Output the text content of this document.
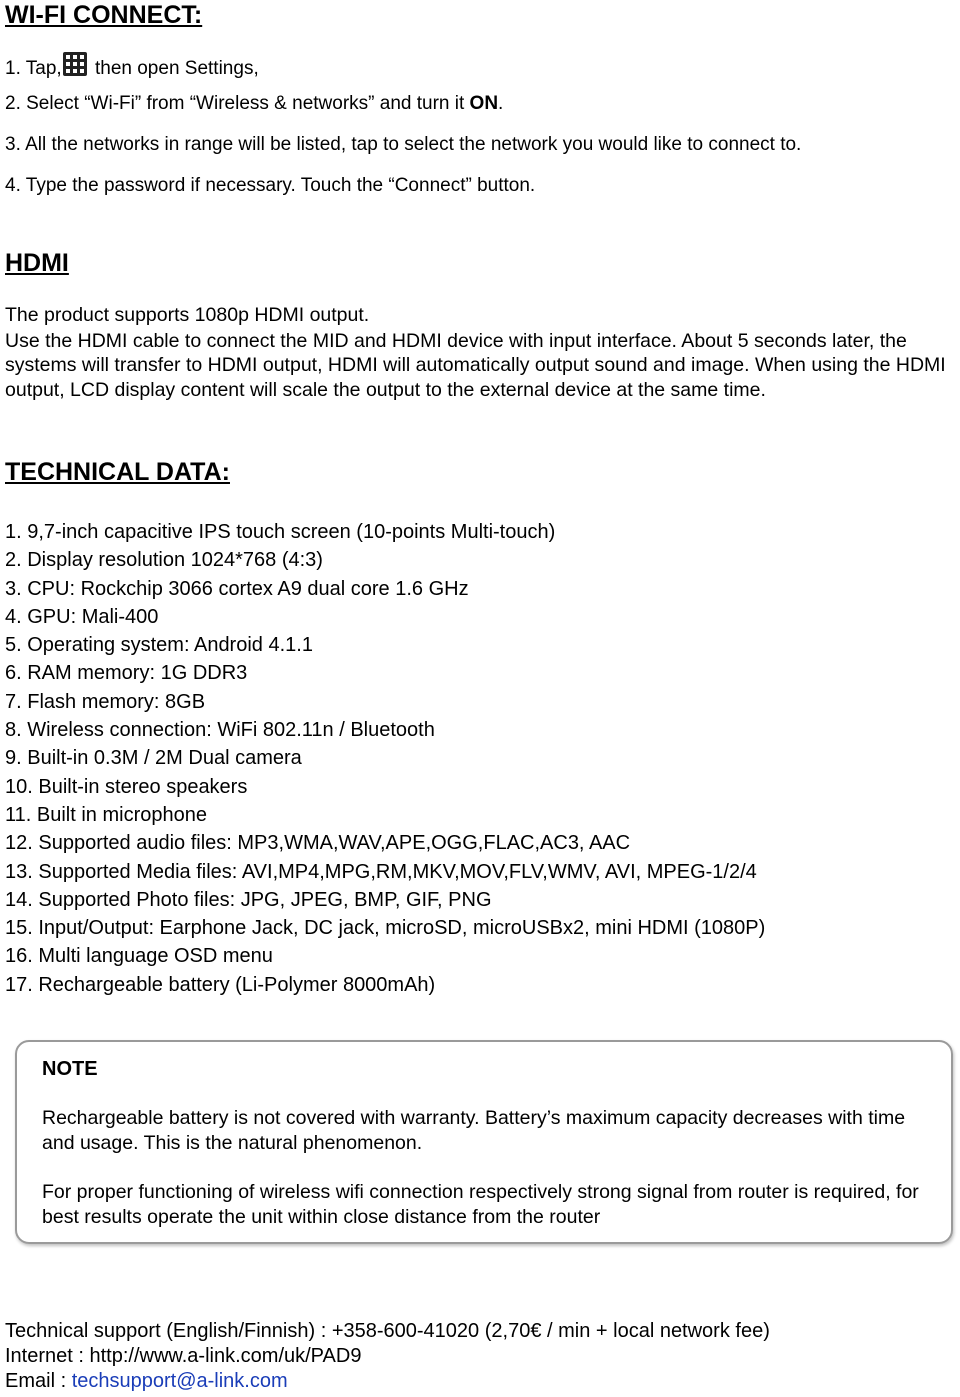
WI-FI CONNECT:
1. Tap,
then open Settings,
2. Select “Wi-Fi” from “Wireless & networks” and turn it ON.
3. All the networks in range will be listed, tap to select the network you would like to connect to.
4. Type the password if necessary. Touch the “Connect” button.
HDMI
The product supports 1080p HDMI output.
Use the HDMI cable to connect the MID and HDMI device with input interface. About 5 seconds later, the systems will transfer to HDMI output, HDMI will automatically output sound and image. When using the HDMI output, LCD display content will scale the output to the external device at the same time.
TECHNICAL DATA:
1. 9,7-inch capacitive IPS touch screen (10-points Multi-touch)
2. Display resolution 1024*768 (4:3)
3. CPU: Rockchip 3066 cortex A9 dual core 1.6 GHz
4. GPU: Mali-400
5. Operating system: Android 4.1.1
6. RAM memory: 1G DDR3
7. Flash memory: 8GB
8. Wireless connection: WiFi 802.11n / Bluetooth
9. Built-in 0.3M / 2M Dual camera
10. Built-in stereo speakers
11. Built in microphone
12. Supported audio files: MP3,WMA,WAV,APE,OGG,FLAC,AC3, AAC
13. Supported Media files: AVI,MP4,MPG,RM,MKV,MOV,FLV,WMV, AVI, MPEG-1/2/4
14. Supported Photo files: JPG, JPEG, BMP, GIF, PNG
15. Input/Output: Earphone Jack, DC jack, microSD, microUSBx2, mini HDMI (1080P)
16. Multi language OSD menu
17. Rechargeable battery (Li-Polymer 8000mAh)
NOTE
Rechargeable battery is not covered with warranty. Battery’s maximum capacity decreases with time and usage. This is the natural phenomenon.
For proper functioning of wireless wifi connection respectively strong signal from router is required, for best results operate the unit within close distance from the router
Technical support (English/Finnish) : +358-600-41020 (2,70€ / min + local network fee)
Internet : http://www.a-link.com/uk/PAD9
Email : techsupport@a-link.com
